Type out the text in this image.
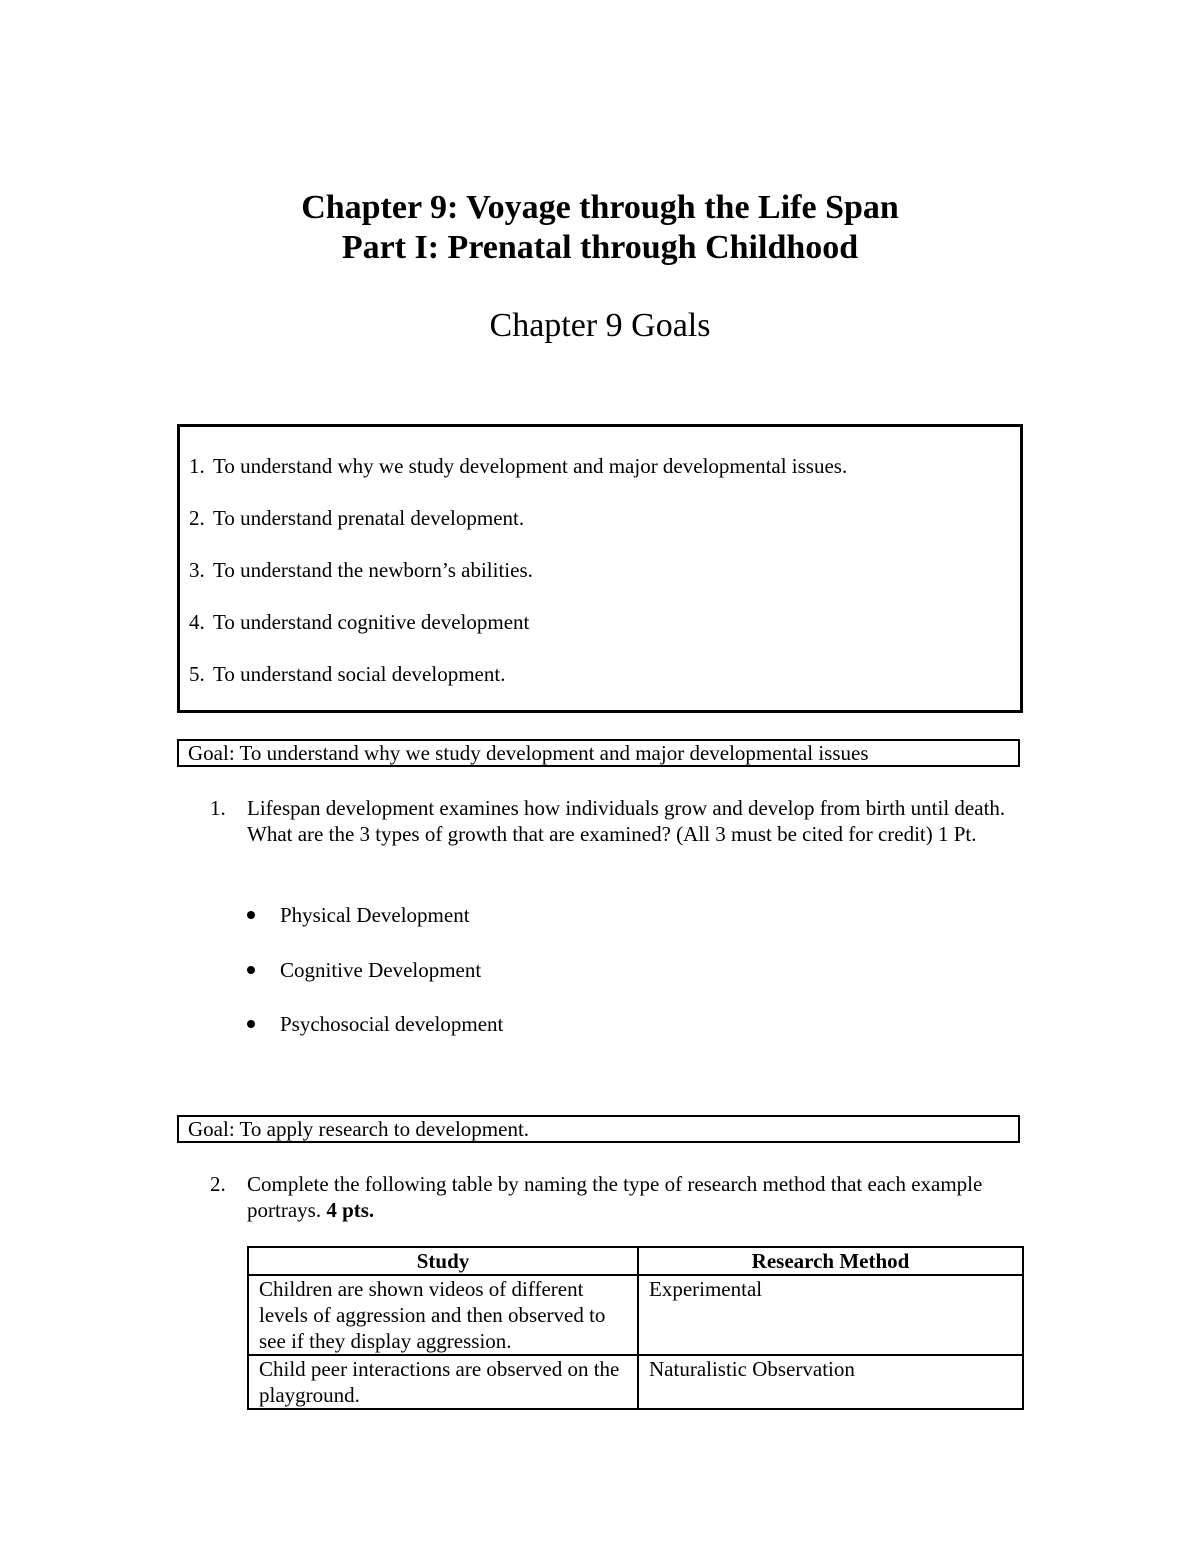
Chapter 9: Voyage through the Life Span
Part I: Prenatal through Childhood
Chapter 9 Goals
1. To understand why we study development and major developmental issues.
2. To understand prenatal development.
3. To understand the newborn’s abilities.
4. To understand cognitive development
5. To understand social development.
Goal: To understand why we study development and major developmental issues
1. Lifespan development examines how individuals grow and develop from birth until death. What are the 3 types of growth that are examined? (All 3 must be cited for credit) 1 Pt.
Physical Development
Cognitive Development
Psychosocial development
Goal: To apply research to development.
2. Complete the following table by naming the type of research method that each example portrays. 4 pts.
Study	Research Method
Children are shown videos of different levels of aggression and then observed to see if they display aggression.	Experimental
Child peer interactions are observed on the playground.	Naturalistic Observation
